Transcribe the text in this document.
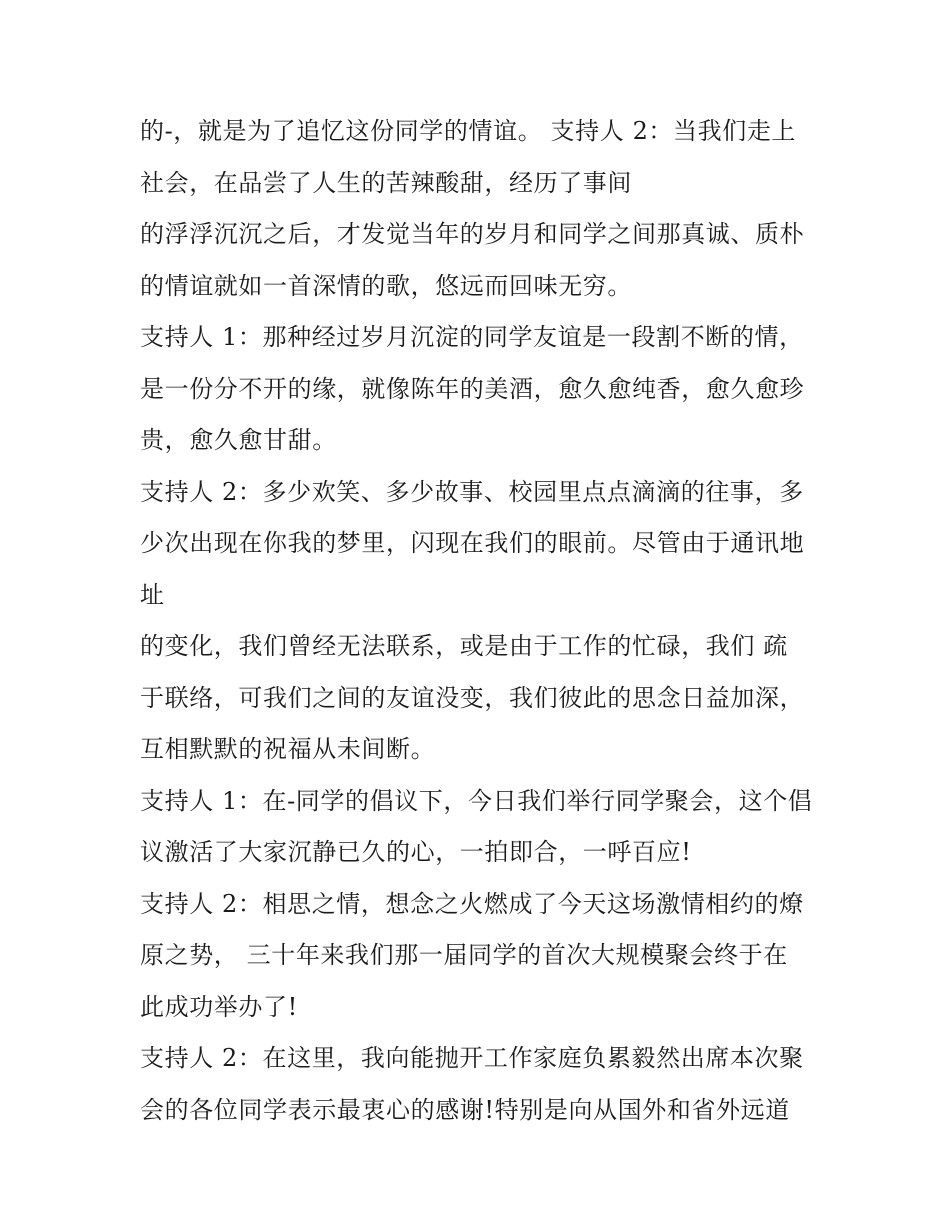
的-，就是为了追忆这份同学的情谊。 支持人 2：当我们走上
社会，在品尝了人生的苦辣酸甜，经历了事间
的浮浮沉沉之后，才发觉当年的岁月和同学之间那真诚、质朴
的情谊就如一首深情的歌，悠远而回味无穷。
支持人 1：那种经过岁月沉淀的同学友谊是一段割不断的情，
是一份分不开的缘，就像陈年的美酒，愈久愈纯香，愈久愈珍
贵，愈久愈甘甜。
支持人 2：多少欢笑、多少故事、校园里点点滴滴的往事，多
少次出现在你我的梦里，闪现在我们的眼前。尽管由于通讯地
址
的变化，我们曾经无法联系，或是由于工作的忙碌，我们 疏
于联络，可我们之间的友谊没变，我们彼此的思念日益加深，
互相默默的祝福从未间断。
支持人 1：在-同学的倡议下，今日我们举行同学聚会，这个倡
议激活了大家沉静已久的心，一拍即合，一呼百应!
支持人 2：相思之情，想念之火燃成了今天这场激情相约的燎
原之势， 三十年来我们那一届同学的首次大规模聚会终于在
此成功举办了!
支持人 2：在这里，我向能抛开工作家庭负累毅然出席本次聚
会的各位同学表示最衷心的感谢!特别是向从国外和省外远道
